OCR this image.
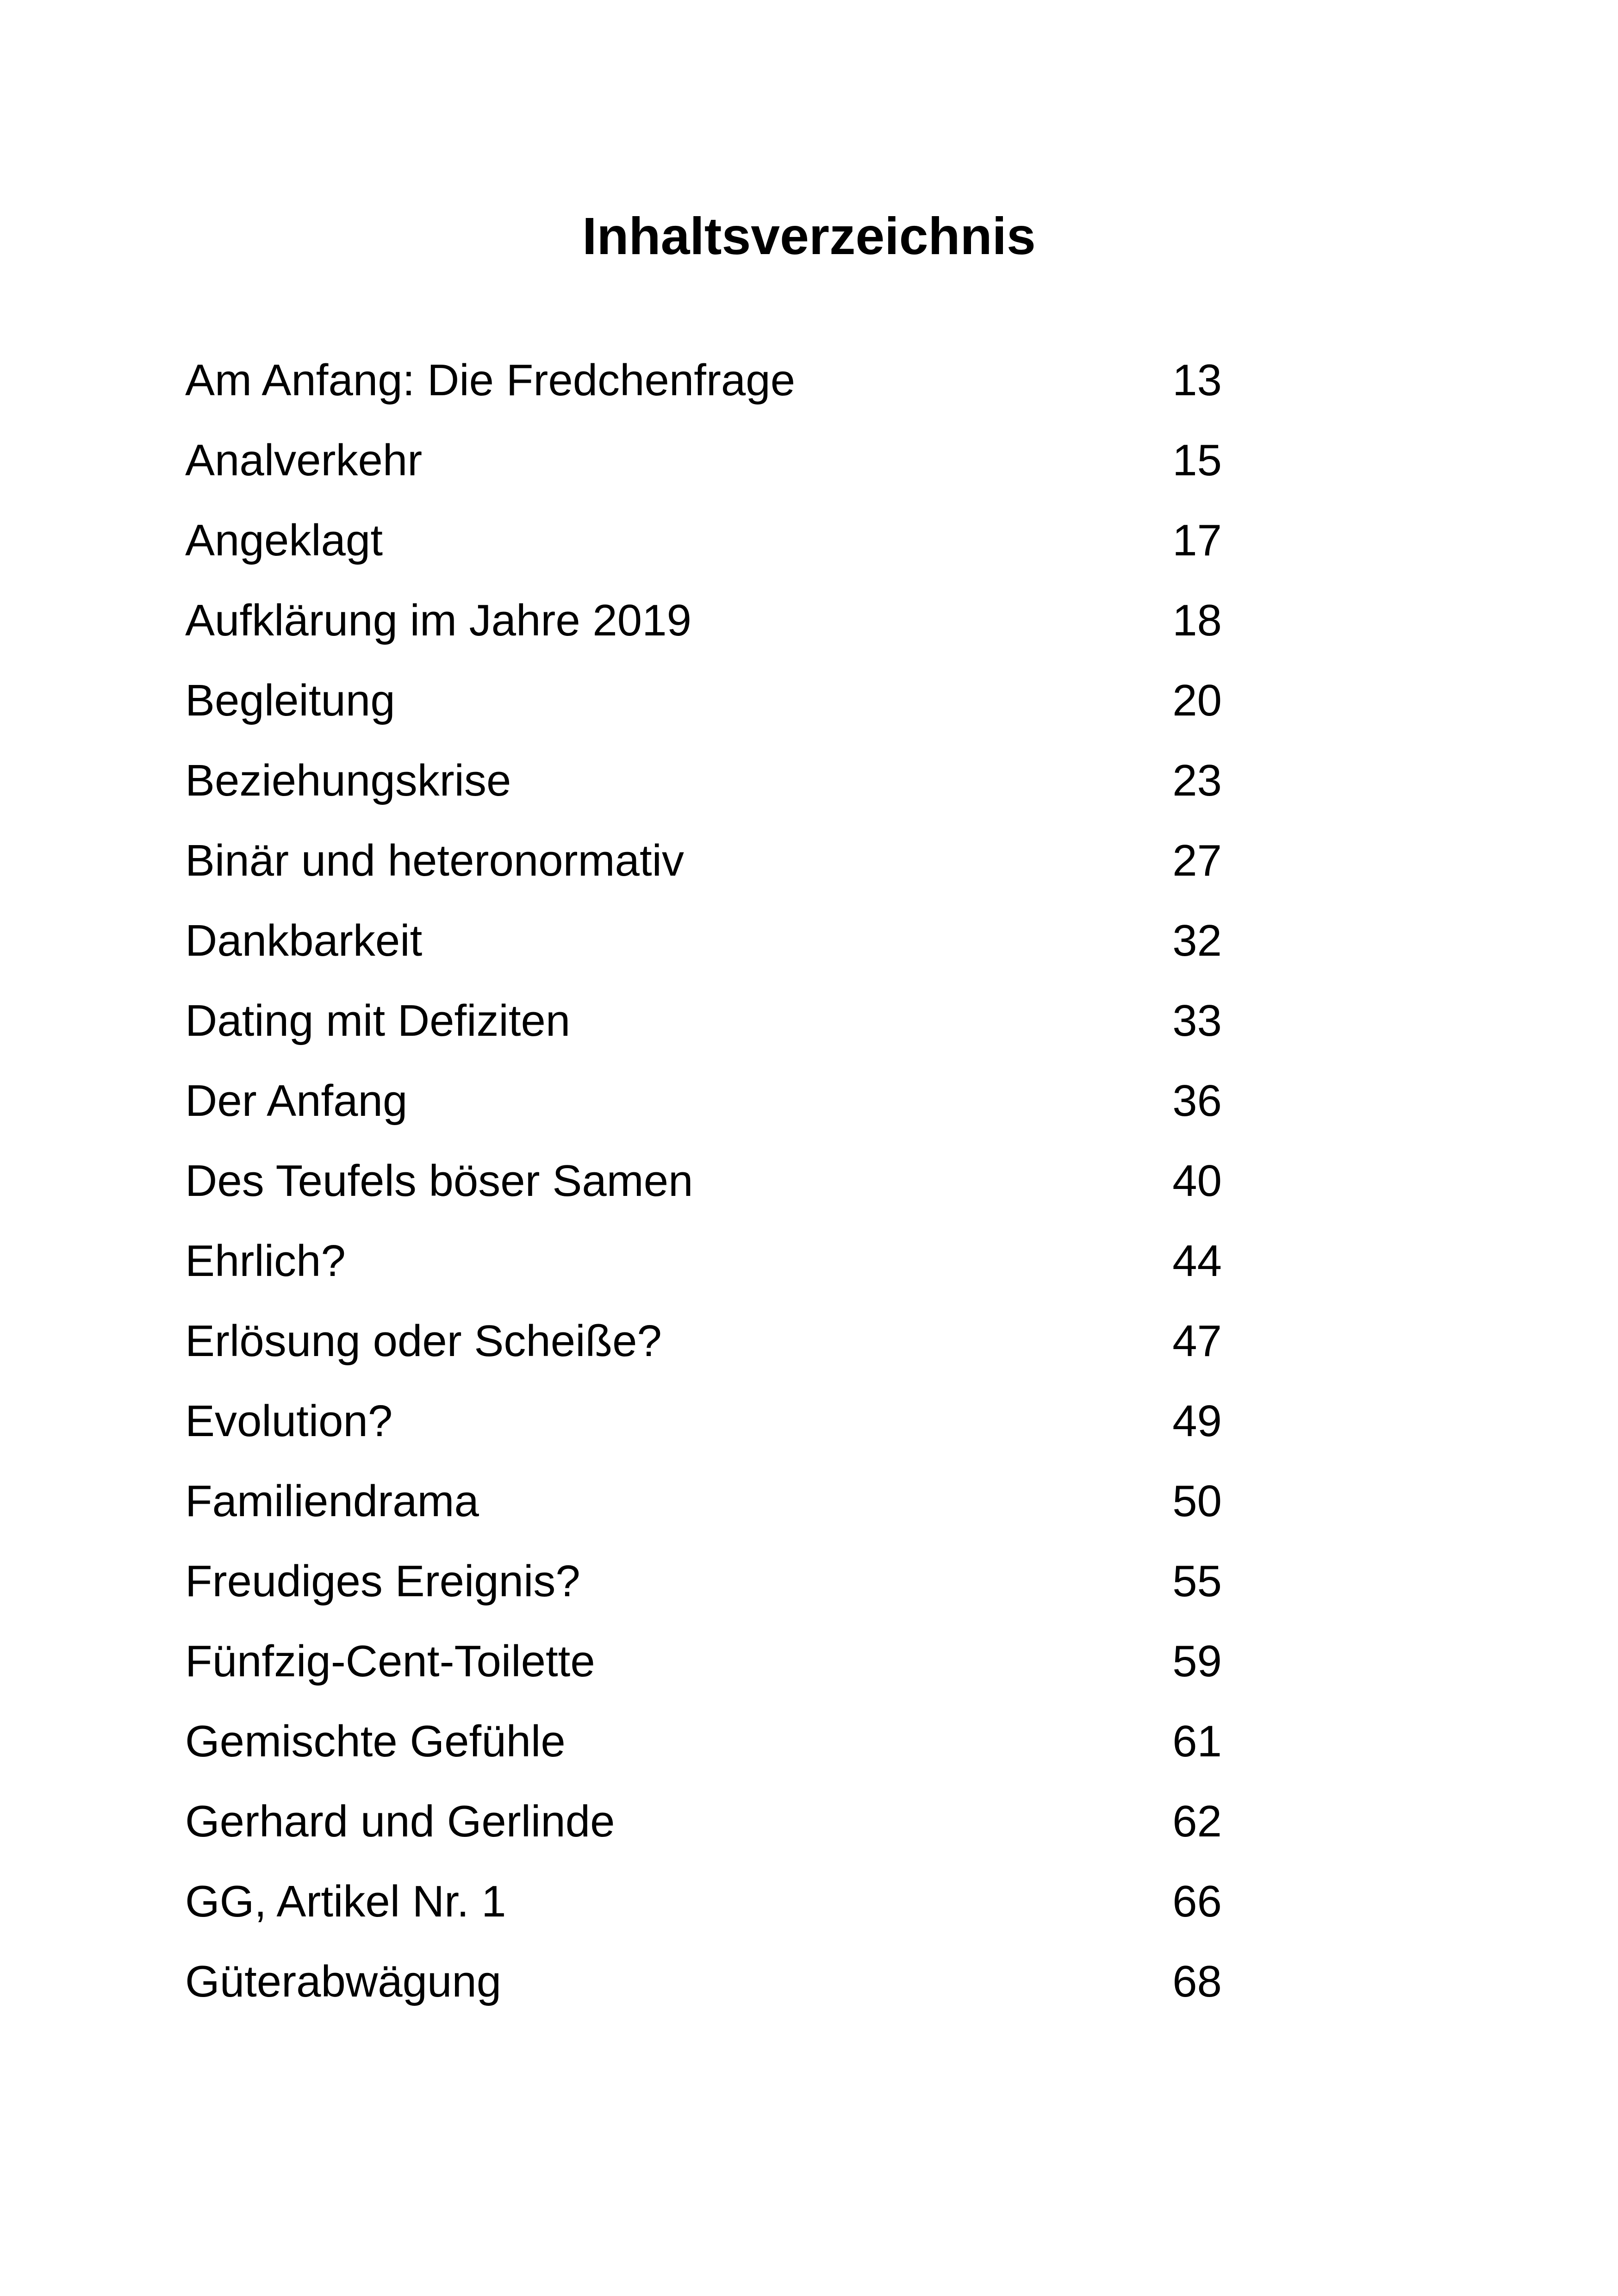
Inhaltsverzeichnis
Am Anfang: Die Fredchenfrage	13
Analverkehr	15
Angeklagt	17
Aufklärung im Jahre 2019	18
Begleitung	20
Beziehungskrise	23
Binär und heteronormativ	27
Dankbarkeit	32
Dating mit Defiziten	33
Der Anfang	36
Des Teufels böser Samen	40
Ehrlich?	44
Erlösung oder Scheiße?	47
Evolution?	49
Familiendrama	50
Freudiges Ereignis?	55
Fünfzig-Cent-Toilette	59
Gemischte Gefühle	61
Gerhard und Gerlinde	62
GG, Artikel Nr. 1	66
Güterabwägung	68
